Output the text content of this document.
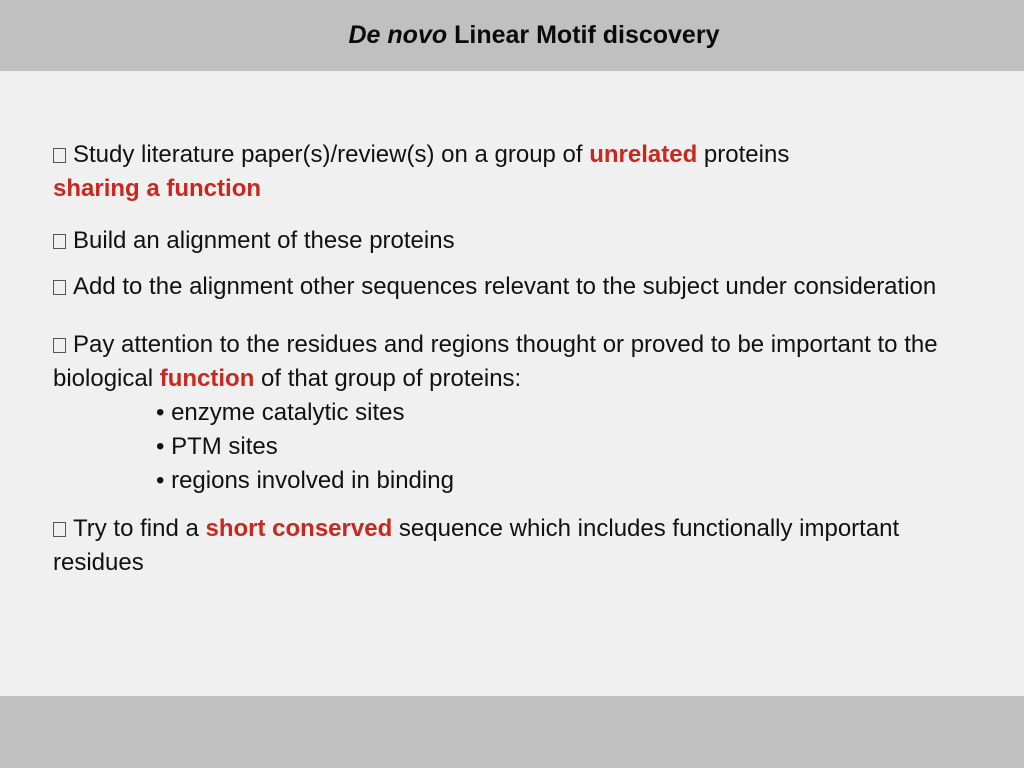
De novo Linear Motif discovery

Study literature paper(s)/review(s) on a group of unrelated proteins
sharing a function

Build an alignment of these proteins

Add to the alignment other sequences relevant to the subject under consideration

Pay attention to the residues and regions thought or proved to be important to the biological function of that group of proteins:
• enzyme catalytic sites
• PTM sites
• regions involved in binding

Try to find a short conserved sequence which includes functionally important residues
